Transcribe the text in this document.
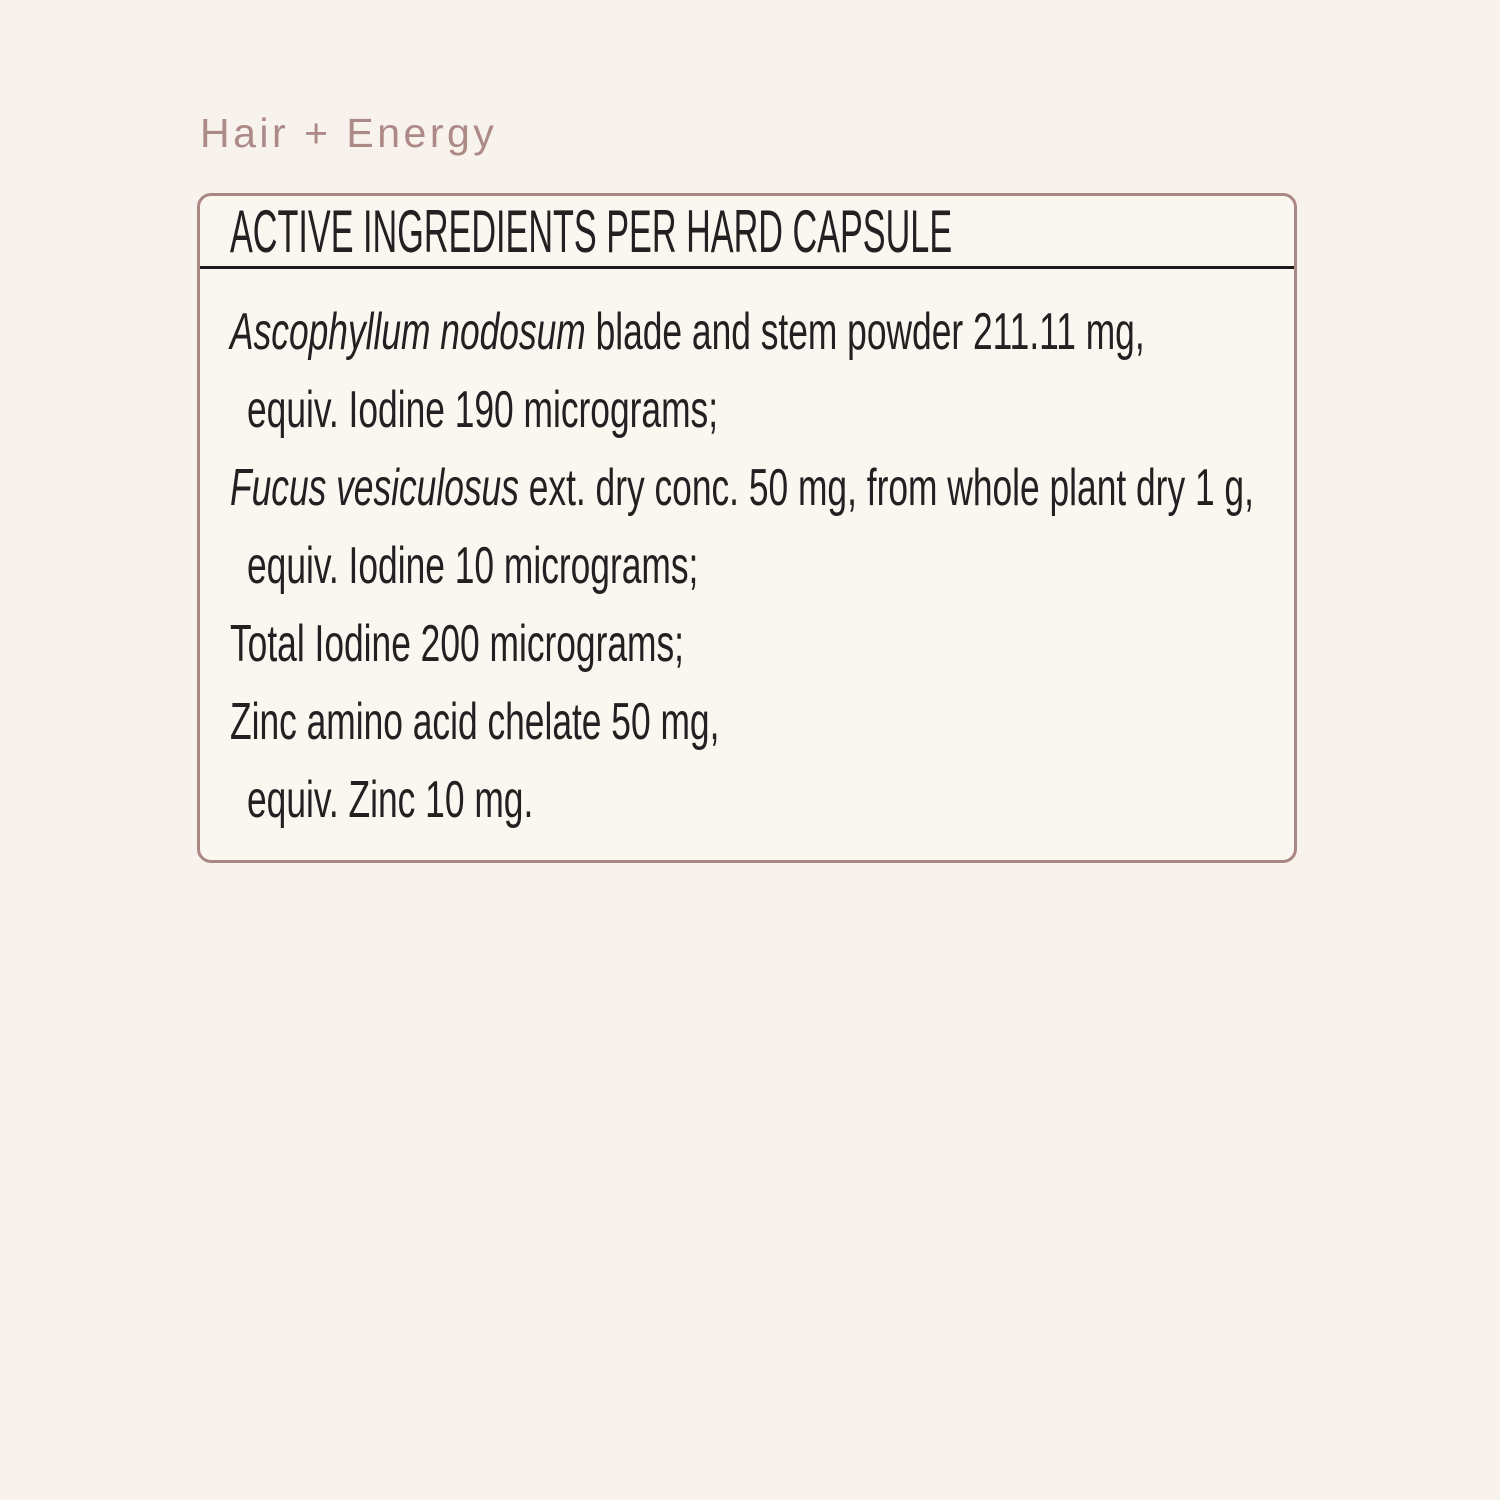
Hair + Energy
ACTIVE INGREDIENTS PER HARD CAPSULE
Ascophyllum nodosum blade and stem powder 211.11 mg,
equiv. Iodine 190 micrograms;
Fucus vesiculosus ext. dry conc. 50 mg, from whole plant dry 1 g,
equiv. Iodine 10 micrograms;
Total Iodine 200 micrograms;
Zinc amino acid chelate 50 mg,
equiv. Zinc 10 mg.
